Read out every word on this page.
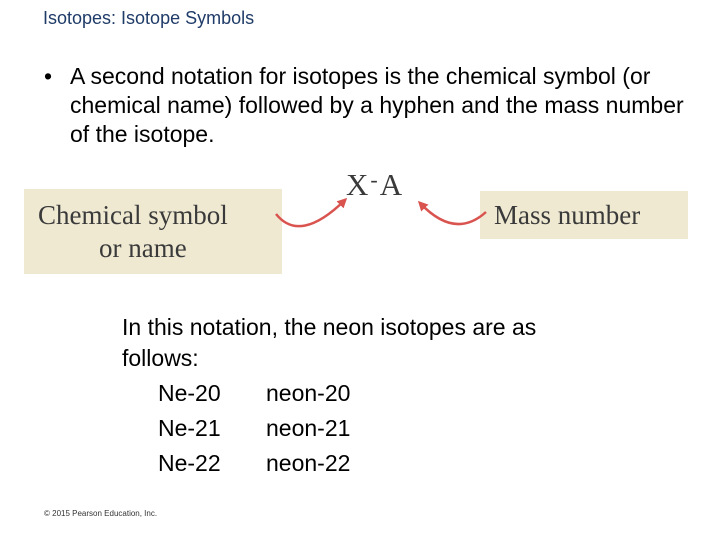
Isotopes: Isotope Symbols
• A second notation for isotopes is the chemical symbol (or chemical name) followed by a hyphen and the mass number of the isotope.
Chemical symbol
or name
Mass number
X-A
In this notation, the neon isotopes are as
follows:
Ne-20 neon-20
Ne-21 neon-21
Ne-22 neon-22
© 2015 Pearson Education, Inc.
